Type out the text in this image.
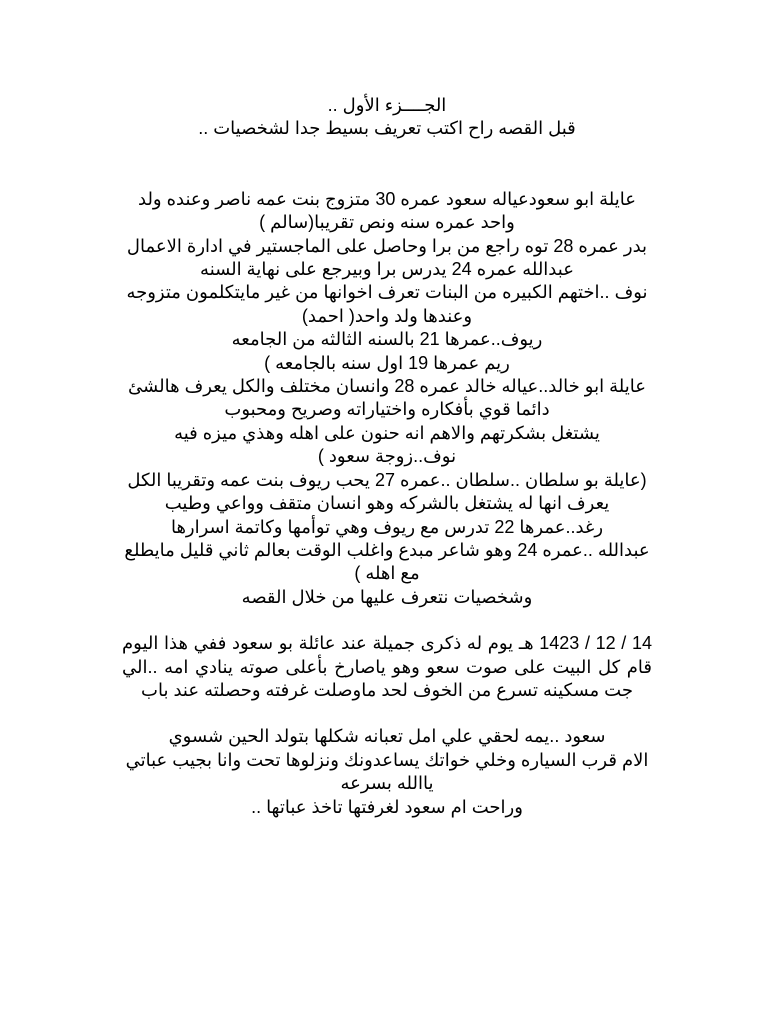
الجــــزء الأول ..

قبل القصه راح اكتب تعريف بسيط جدا لشخصيات ..

عايلة ابو سعودعياله سعود عمره 30 متزوج بنت عمه ناصر وعنده ولد واحد عمره سنه ونص تقريبا(سالم )

بدر عمره 28 توه راجع من برا وحاصل على الماجستير في ادارة الاعمال

عبدالله عمره 24 يدرس برا وبيرجع على نهاية السنه

نوف ..اختهم الكبيره من البنات تعرف اخوانها من غير مايتكلمون متزوجه وعندها ولد واحد( احمد)

ريوف..عمرها 21 بالسنه الثالثه من الجامعه

ريم عمرها 19 اول سنه بالجامعه )

عايلة ابو خالد..عياله خالد عمره 28 وانسان مختلف والكل يعرف هالشئ دائما قوي بأفكاره واختياراته وصريح ومحبوب

يشتغل بشكرتهم والاهم انه حنون على اهله وهذي ميزه فيه

نوف..زوجة سعود )

(عايلة بو سلطان ..سلطان ..عمره 27 يحب ريوف بنت عمه وتقريبا الكل يعرف انها له يشتغل بالشركه وهو انسان متقف وواعي وطيب

رغد..عمرها 22 تدرس مع ريوف وهي توأمها وكاتمة اسرارها

عبدالله ..عمره 24 وهو شاعر مبدع واغلب الوقت بعالم ثاني قليل مايطلع مع اهله )

وشخصيات نتعرف عليها من خلال القصه

14 / 12 / 1423 هـ يوم له ذكرى جميلة عند عائلة بو سعود ففي هذا اليوم قام كل البيت على صوت سعو وهو ياصارخ بأعلى صوته ينادي امه ..الي جت مسكينه تسرع من الخوف لحد ماوصلت غرفته وحصلته عند باب

سعود ..يمه لحقي علي امل تعبانه شكلها بتولد الحين شسوي

الام قرب السياره وخلي خواتك يساعدونك ونزلوها تحت وانا بجيب عباتي ياالله بسرعه

وراحت ام سعود لغرفتها تاخذ عباتها ..
